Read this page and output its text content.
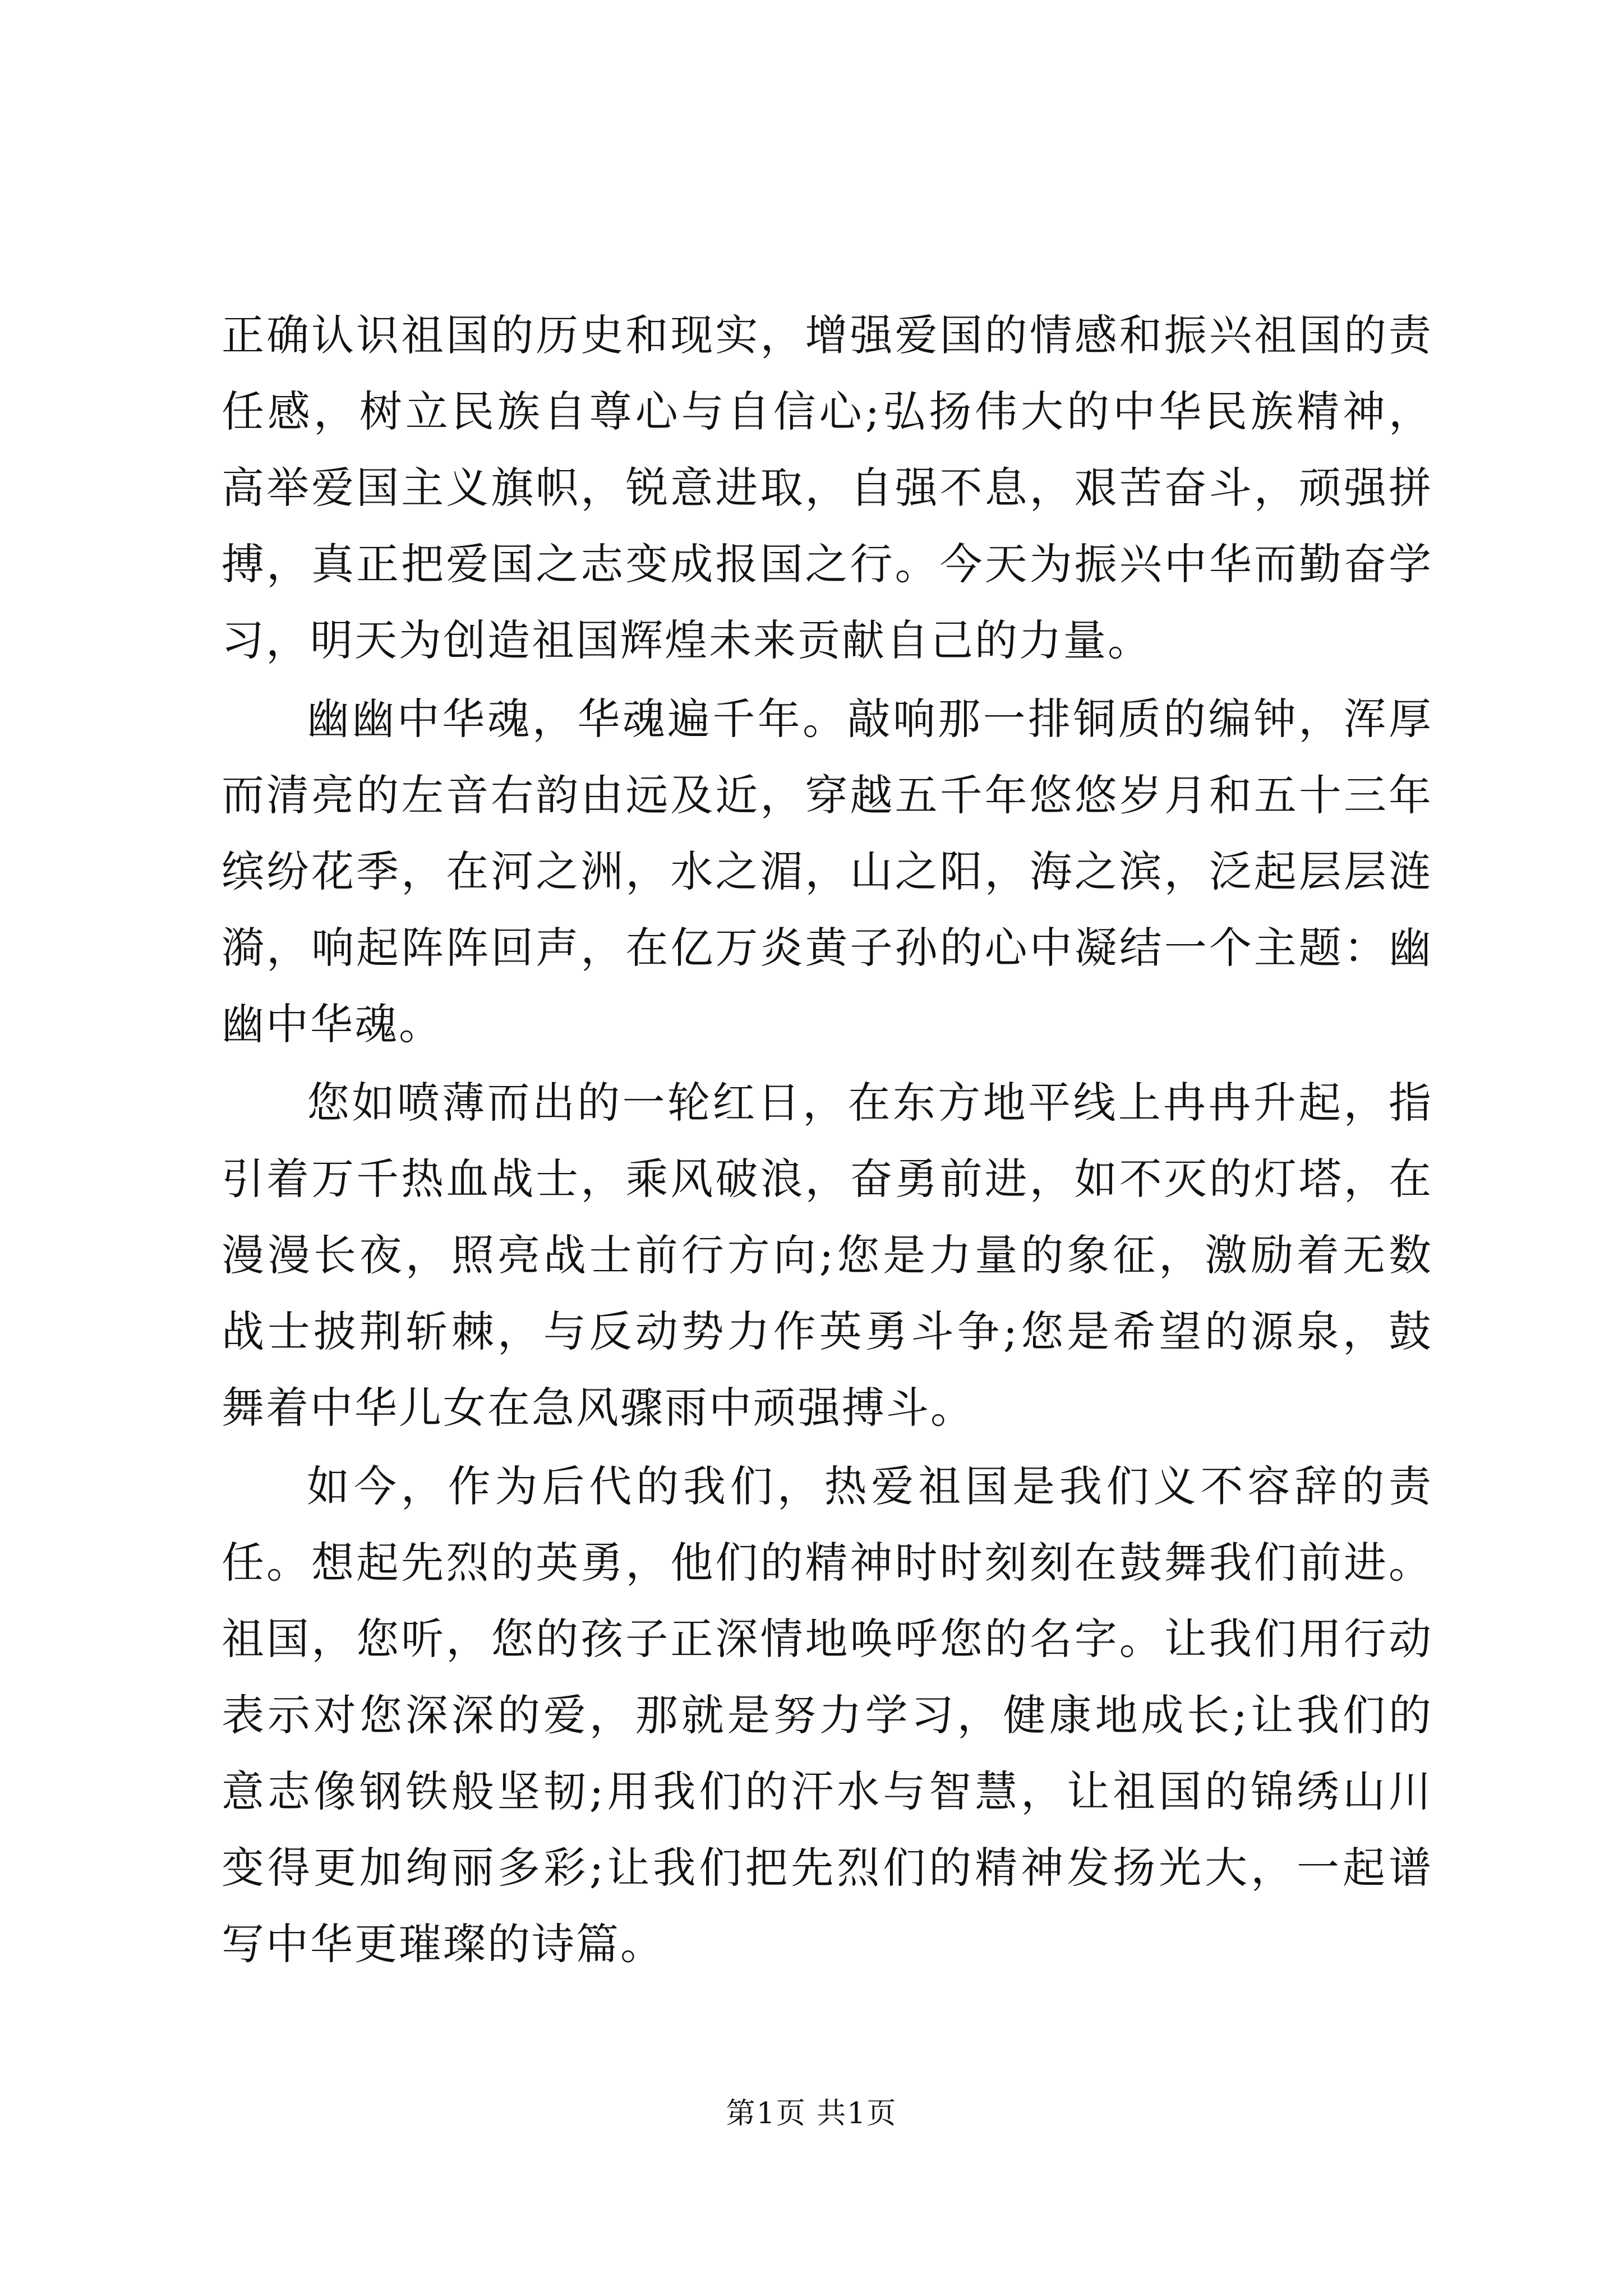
正确认识祖国的历史和现实，增强爱国的情感和振兴祖国的责任感，树立民族自尊心与自信心;弘扬伟大的中华民族精神，高举爱国主义旗帜，锐意进取，自强不息，艰苦奋斗，顽强拼搏，真正把爱国之志变成报国之行。今天为振兴中华而勤奋学习，明天为创造祖国辉煌未来贡献自己的力量。

幽幽中华魂，华魂遍千年。敲响那一排铜质的编钟，浑厚而清亮的左音右韵由远及近，穿越五千年悠悠岁月和五十三年缤纷花季，在河之洲，水之湄，山之阳，海之滨，泛起层层涟漪，响起阵阵回声，在亿万炎黄子孙的心中凝结一个主题：幽幽中华魂。

您如喷薄而出的一轮红日，在东方地平线上冉冉升起，指引着万千热血战士，乘风破浪，奋勇前进，如不灭的灯塔，在漫漫长夜，照亮战士前行方向;您是力量的象征，激励着无数战士披荆斩棘，与反动势力作英勇斗争;您是希望的源泉，鼓舞着中华儿女在急风骤雨中顽强搏斗。

如今，作为后代的我们，热爱祖国是我们义不容辞的责任。想起先烈的英勇，他们的精神时时刻刻在鼓舞我们前进。祖国，您听，您的孩子正深情地唤呼您的名字。让我们用行动表示对您深深的爱，那就是努力学习，健康地成长;让我们的意志像钢铁般坚韧;用我们的汗水与智慧，让祖国的锦绣山川变得更加绚丽多彩;让我们把先烈们的精神发扬光大，一起谱写中华更璀璨的诗篇。

第1页 共1页
